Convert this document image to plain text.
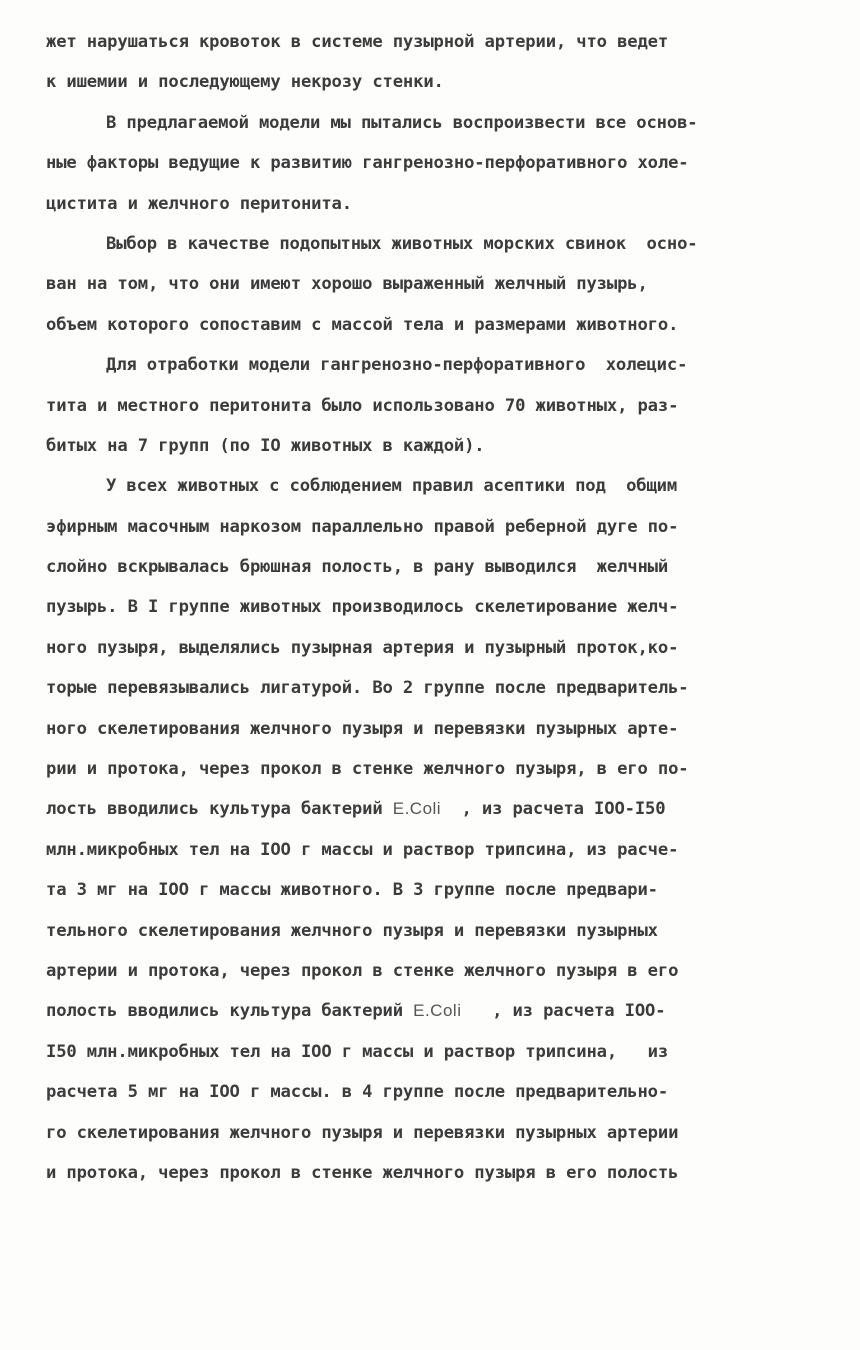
жет нарушаться кровоток в системе пузырной артерии, что ведет
к ишемии и последующему некрозу стенки.
В предлагаемой модели мы пытались воспроизвести все основ-
ные факторы ведущие к развитию гангренозно-перфоративного холе-
цистита и желчного перитонита.
Выбор в качестве подопытных животных морских свинок  осно-
ван на том, что они имеют хорошо выраженный желчный пузырь,
объем которого сопоставим с массой тела и размерами животного.
Для отработки модели гангренозно-перфоративного  холецис-
тита и местного перитонита было использовано 70 животных, раз-
битых на 7 групп (по IO животных в каждой).
У всех животных с соблюдением правил асептики под  общим
эфирным масочным наркозом параллельно правой реберной дуге по-
слойно вскрывалась брюшная полость, в рану выводился  желчный
пузырь. В I группе животных производилось скелетирование желч-
ного пузыря, выделялись пузырная артерия и пузырный проток,ко-
торые перевязывались лигатурой. Во 2 группе после предваритель-
ного скелетирования желчного пузыря и перевязки пузырных арте-
рии и протока, через прокол в стенке желчного пузыря, в его по-
лость вводились культура бактерий E.Coli  , из расчета IOO-I50
млн.микробных тел на IOO г массы и раствор трипсина, из расче-
та 3 мг на IOO г массы животного. В 3 группе после предвари-
тельного скелетирования желчного пузыря и перевязки пузырных
артерии и протока, через прокол в стенке желчного пузыря в его
полость вводились культура бактерий E.Coli   , из расчета IOO-
I50 млн.микробных тел на IOO г массы и раствор трипсина,   из
расчета 5 мг на IOO г массы. в 4 группе после предварительно-
го скелетирования желчного пузыря и перевязки пузырных артерии
и протока, через прокол в стенке желчного пузыря в его полость
